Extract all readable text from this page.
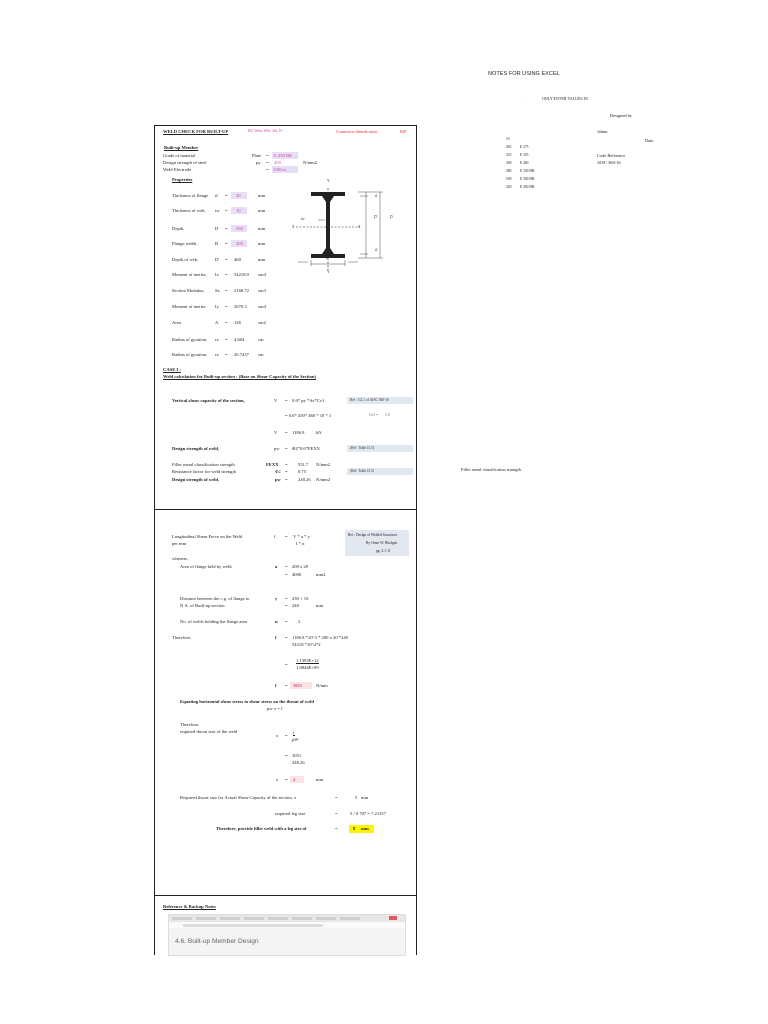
NOTES FOR USING EXCEL
·	ONLY ENTER VALUES IN
Designed by
Johnn
Date
Code Reference
AISC 360-16
Filler metal classification strength
10
265 E 275
335 E 355
300 E 400
280 E 330 BB
500 E 500 BB
520 E 450 BB
WELD CHECK FOR BUILT-UP	BU Webs 200x 20x 10	Connection Identification :	BJP
Built-up Member
Grade of material	Plate = E 450 BR
Design strength of steel	py = 450	N/mm2
Weld Electrode	= E80xx
Properties
Thickness of flange tf = 20	mm
Thickness of web, tw = 10	mm
Depth,	D = 500	mm
Flange width,	B = 200	mm
Depth of web,	D' = 460	mm
Moment of inertia, Ix = 54218.0 cm4
Section Modulus, Sx = 2168.72 cm3
Moment of inertia Iy = 2670.3 cm4
Area	A = 126	cm2
Radius of gyration, rx = 4.604	cm
Radius of gyration, rx = 20.7437 cm
Y
Y
X	X
tw
tf
tf
D'	D
B
CASE I :
Weld calculation for Built-up section : (Base on Shear Capacity of the Section)
Vertical shear capacity of the section,	V = 0.6* py *Av*Cv1	Ref : G2.1 of AISC 360-16
= 0.6* 450* 460 * 10 * 1	Cv1 = 1.0
V = 1186.8	kN
Design strength of weld,	pw = Φ2*0.6*FEXX	(Ref: Table J2.5)
Filler metal classification strength	FEXX = 551.7 N/mm2
Resistance factor for weld strength	Φ2 = 0.75	(Ref: Table J2.5)
Design strength of weld,	pw = 248.26 N/mm2
Longitudinal Shear Force on the Weld
per mm
f = V * a * y
I * n
Ref : Design of Welded Structures
By Omer W. Blodgett
pg. 4.1-11
whereas,
Area of flange held by weld,	a = 200 x 20
= 4000	mm2
Distance between the c.g. of flange to
N.A. of Built-up section
y = 230 + 10
= 240	mm
No. of welds holding the flange area	n = 2
Therefore,	f = 1186.8 *10^3 * 200 x 20 *240
54218 *10^4*2
=
1.1393E+12
1.0844E+09
f = 1051	N/mm
Equating horizontal shear stress to shear stress on the throat of weld
pw x = f
Therefore,
required throat size of the weld
x =
f
pW
= 1051
248.26
x = 4	mm
Required throat size for Actual Shear Capacity of the section, x	=	5 mm
required leg size	=	5 / 0.707 = 7.21357
Therefore, provide fillet weld with a leg size of	=	8 mm
Reference & Backup Notes
4.6. Built-up Member Design
